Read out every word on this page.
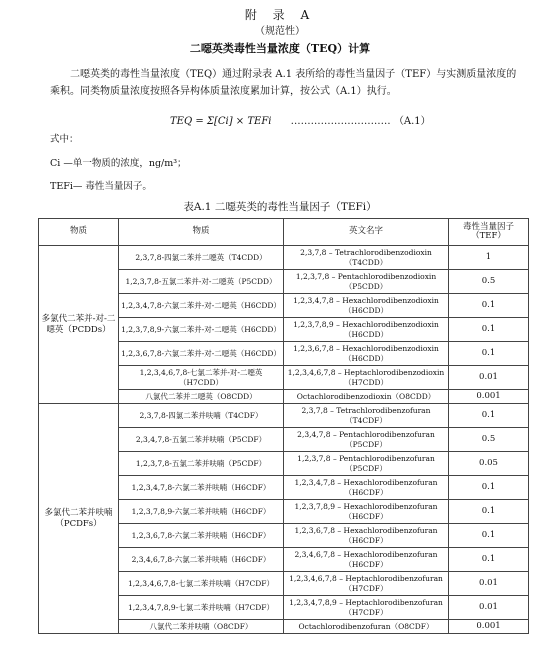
附 录 A
（规范性）
二噁英类毒性当量浓度（TEQ）计算
二噁英类的毒性当量浓度（TEQ）通过附录表 A.1 表所给的毒性当量因子（TEF）与实测质量浓度的乘积。同类物质量浓度按照各异构体质量浓度累加计算，按公式（A.1）执行。
TEQ = Σ[Ci] × TEFi ………………………… （A.1）
式中：
Ci —单一物质的浓度，ng/m³；
TEFi— 毒性当量因子。
表A.1 二噁英类的毒性当量因子（TEFi）
物质	物质	英文名字	毒性当量因子（TEF）
多氯代二苯并-对-二噁英（PCDDs）	2,3,7,8-四氯二苯并二噁英（T4CDD）	2,3,7,8 – Tetrachlorodibenzodioxin（T4CDD）	1
	1,2,3,7,8-五氯二苯并-对-二噁英（P5CDD）	1,2,3,7,8 – Pentachlorodibenzodioxin（P5CDD）	0.5
	1,2,3,4,7,8-六氯二苯并-对-二噁英（H6CDD）	1,2,3,4,7,8 – Hexachlorodibenzodioxin（H6CDD）	0.1
	1,2,3,7,8,9-六氯二苯并-对-二噁英（H6CDD）	1,2,3,7,8,9 – Hexachlorodibenzodioxin（H6CDD）	0.1
	1,2,3,6,7,8-六氯二苯并-对-二噁英（H6CDD）	1,2,3,6,7,8 – Hexachlorodibenzodioxin（H6CDD）	0.1
	1,2,3,4,6,7,8-七氯二苯并-对-二噁英（H7CDD）	1,2,3,4,6,7,8 – Heptachlorodibenzodioxin（H7CDD）	0.01
	八氯代二苯并二噁英（O8CDD）	Octachlorodibenzodioxin（O8CDD）	0.001
多氯代二苯并呋喃（PCDFs）	2,3,7,8-四氯二苯并呋喃（T4CDF）	2,3,7,8 – Tetrachlorodibenzofuran（T4CDF）	0.1
	2,3,4,7,8-五氯二苯并呋喃（P5CDF）	2,3,4,7,8 – Pentachlorodibenzofuran（P5CDF）	0.5
	1,2,3,7,8-五氯二苯并呋喃（P5CDF）	1,2,3,7,8 – Pentachlorodibenzofuran（P5CDF）	0.05
	1,2,3,4,7,8-六氯二苯并呋喃（H6CDF）	1,2,3,4,7,8 – Hexachlorodibenzofuran（H6CDF）	0.1
	1,2,3,7,8,9-六氯二苯并呋喃（H6CDF）	1,2,3,7,8,9 – Hexachlorodibenzofuran（H6CDF）	0.1
	1,2,3,6,7,8-六氯二苯并呋喃（H6CDF）	1,2,3,6,7,8 – Hexachlorodibenzofuran（H6CDF）	0.1
	2,3,4,6,7,8-六氯二苯并呋喃（H6CDF）	2,3,4,6,7,8 – Hexachlorodibenzofuran（H6CDF）	0.1
	1,2,3,4,6,7,8-七氯二苯并呋喃（H7CDF）	1,2,3,4,6,7,8 – Heptachlorodibenzofuran（H7CDF）	0.01
	1,2,3,4,7,8,9-七氯二苯并呋喃（H7CDF）	1,2,3,4,7,8,9 – Heptachlorodibenzofuran（H7CDF）	0.01
	八氯代二苯并呋喃（O8CDF）	Octachlorodibenzofuran（O8CDF）	0.001
